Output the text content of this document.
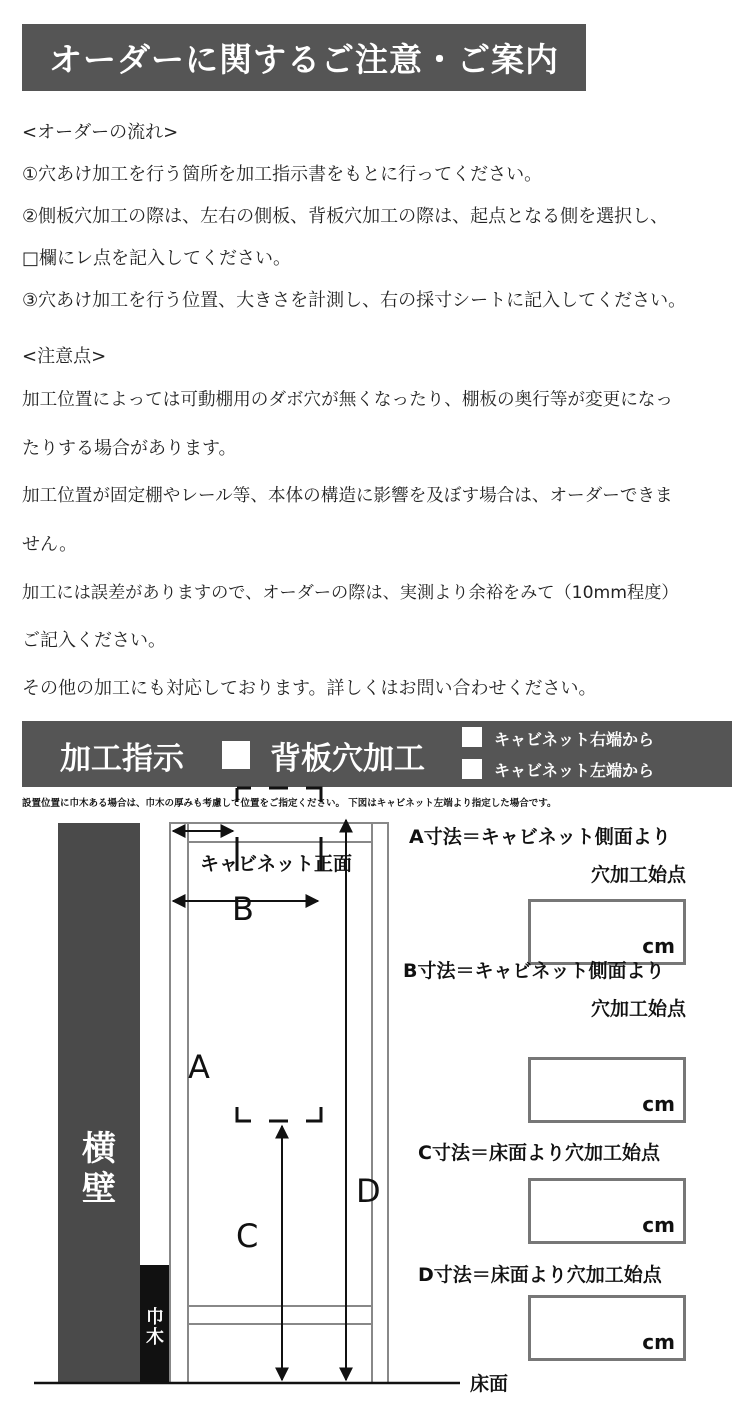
オーダーに関するご注意・ご案内
<オーダーの流れ>
①穴あけ加工を行う箇所を加工指示書をもとに行ってください。
②側板穴加工の際は、左右の側板、背板穴加工の際は、起点となる側を選択し、
□欄にレ点を記入してください。
③穴あけ加工を行う位置、大きさを計測し、右の採寸シートに記入してください。
<注意点>
加工位置によっては可動棚用のダボ穴が無くなったり、棚板の奥行等が変更になっ
たりする場合があります。
加工位置が固定棚やレール等、本体の構造に影響を及ぼす場合は、オーダーできま
せん。
加工には誤差がありますので、オーダーの際は、実測より余裕をみて（10mm程度）
ご記入ください。
その他の加工にも対応しております。詳しくはお問い合わせください。
加工指示	背板穴加工
キャビネット右端から
キャビネット左端から
設置位置に巾木ある場合は、巾木の厚みも考慮して位置をご指定ください。 下図はキャビネット左端より指定した場合です。
横壁
巾木
キャビネット正面
床面
A
B
C
D
A寸法＝キャビネット側面より
穴加工始点
cm
B寸法＝キャビネット側面より
穴加工始点
cm
C寸法＝床面より穴加工始点
cm
D寸法＝床面より穴加工始点
cm
